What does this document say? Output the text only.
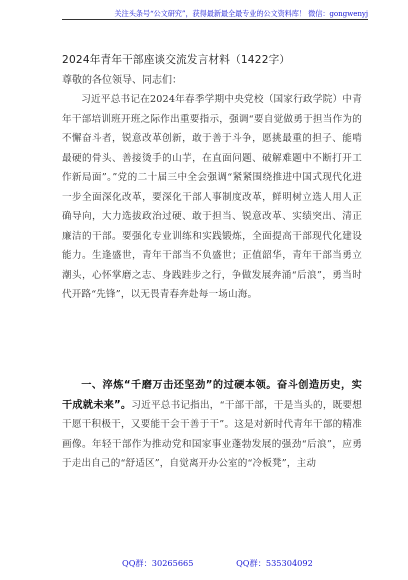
关注头条号“公文研究”，获得最新最全最专业的公文资料库！ 微信：gongwenyj
2024年青年干部座谈交流发言材料（1422字）
尊敬的各位领导、同志们：

习近平总书记在2024年春季学期中央党校（国家行政学院）中青年干部培训班开班之际作出重要指示，强调“要自觉做勇于担当作为的不懈奋斗者，锐意改革创新，敢于善于斗争，愿挑最重的担子、能啃最硬的骨头、善接烫手的山芋，在直面问题、破解难题中不断打开工作新局面”。”党的二十届三中全会强调“紧紧围绕推进中国式现代化进一步全面深化改革，要深化干部人事制度改革，鲜明树立选人用人正确导向，大力选拔政治过硬、敢于担当、锐意改革、实绩突出、清正廉洁的干部。要强化专业训练和实践锻炼，全面提高干部现代化建设能力。生逢盛世，青年干部当不负盛世；正值韶华，青年干部当勇立潮头，心怀掌磨之志、身践跬步之行，争做发展奔涌“后浪”，勇当时代开路“先锋”，以无畏青春奔赴每一场山海。

一、淬炼“千磨万击还坚劲”的过硬本领。奋斗创造历史，实干成就未来”。习近平总书记指出，“干部干部，干是当头的，既要想干愿干积极干，又要能干会干善于干”。这是对新时代青年干部的精准画像。年轻干部作为推动党和国家事业蓬勃发展的强劲“后浪”，应勇于走出自己的“舒适区”，自觉离开办公室的“冷板凳”，主动

QQ群：30265665	QQ群：535304092
